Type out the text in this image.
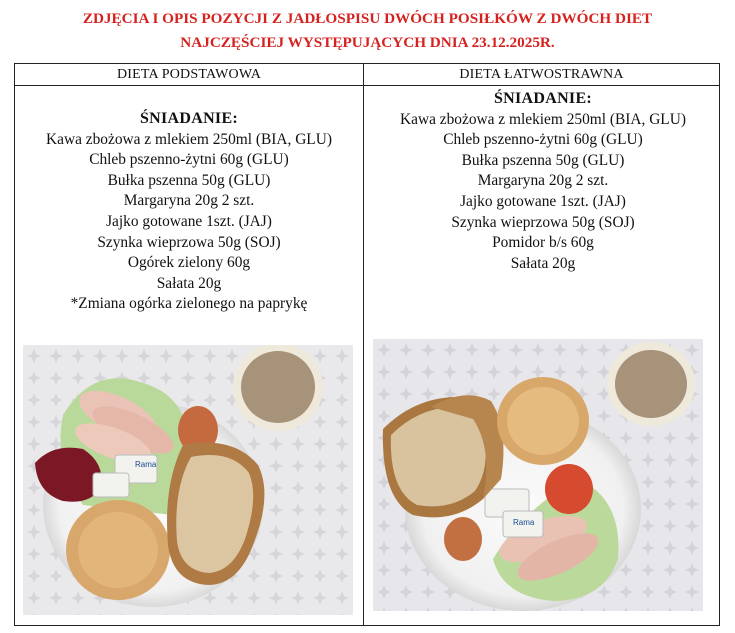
ZDJĘCIA I OPIS POZYCJI Z JADŁOSPISU DWÓCH POSIŁKÓW Z DWÓCH DIET
NAJCZĘŚCIEJ WYSTĘPUJĄCYCH DNIA 23.12.2025R.
DIETA PODSTAWOWA	DIETA ŁATWOSTRAWNA
ŚNIADANIE:
Kawa zbożowa z mlekiem 250ml (BIA, GLU)
Chleb pszenno-żytni 60g (GLU)
Bułka pszenna 50g (GLU)
Margaryna 20g 2 szt.
Jajko gotowane 1szt. (JAJ)
Szynka wieprzowa 50g (SOJ)
Ogórek zielony 60g
Sałata 20g
*Zmiana ogórka zielonego na paprykę
ŚNIADANIE:
Kawa zbożowa z mlekiem 250ml (BIA, GLU)
Chleb pszenno-żytni 60g (GLU)
Bułka pszenna 50g (GLU)
Margaryna 20g 2 szt.
Jajko gotowane 1szt. (JAJ)
Szynka wieprzowa 50g (SOJ)
Pomidor b/s 60g
Sałata 20g
Rama
Rama
